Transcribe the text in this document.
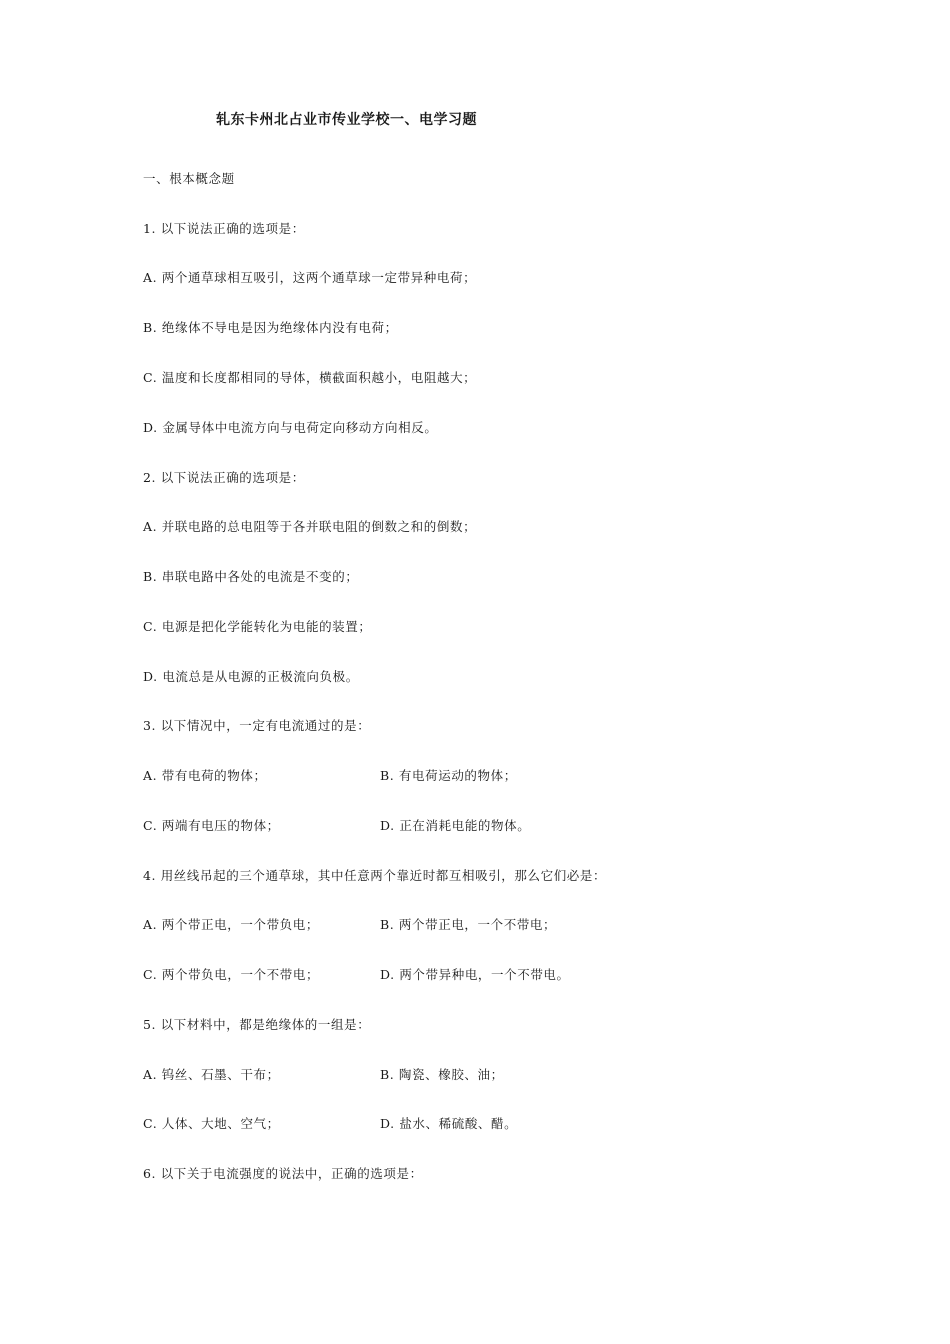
轧东卡州北占业市传业学校一、电学习题
一、根本概念题
1. 以下说法正确的选项是：
A. 两个通草球相互吸引，这两个通草球一定带异种电荷；
B. 绝缘体不导电是因为绝缘体内没有电荷；
C. 温度和长度都相同的导体，横截面积越小，电阻越大；
D. 金属导体中电流方向与电荷定向移动方向相反。
2. 以下说法正确的选项是：
A. 并联电路的总电阻等于各并联电阻的倒数之和的倒数；
B. 串联电路中各处的电流是不变的；
C. 电源是把化学能转化为电能的装置；
D. 电流总是从电源的正极流向负极。
3. 以下情况中，一定有电流通过的是：
A. 带有电荷的物体；	B. 有电荷运动的物体；
C. 两端有电压的物体；	D. 正在消耗电能的物体。
4. 用丝线吊起的三个通草球，其中任意两个靠近时都互相吸引，那么它们必是：
A. 两个带正电，一个带负电；	B. 两个带正电，一个不带电；
C. 两个带负电，一个不带电；	D. 两个带异种电，一个不带电。
5. 以下材料中，都是绝缘体的一组是：
A. 钨丝、石墨、干布；	B. 陶瓷、橡胶、油；
C. 人体、大地、空气；	D. 盐水、稀硫酸、醋。
6. 以下关于电流强度的说法中，正确的选项是：
